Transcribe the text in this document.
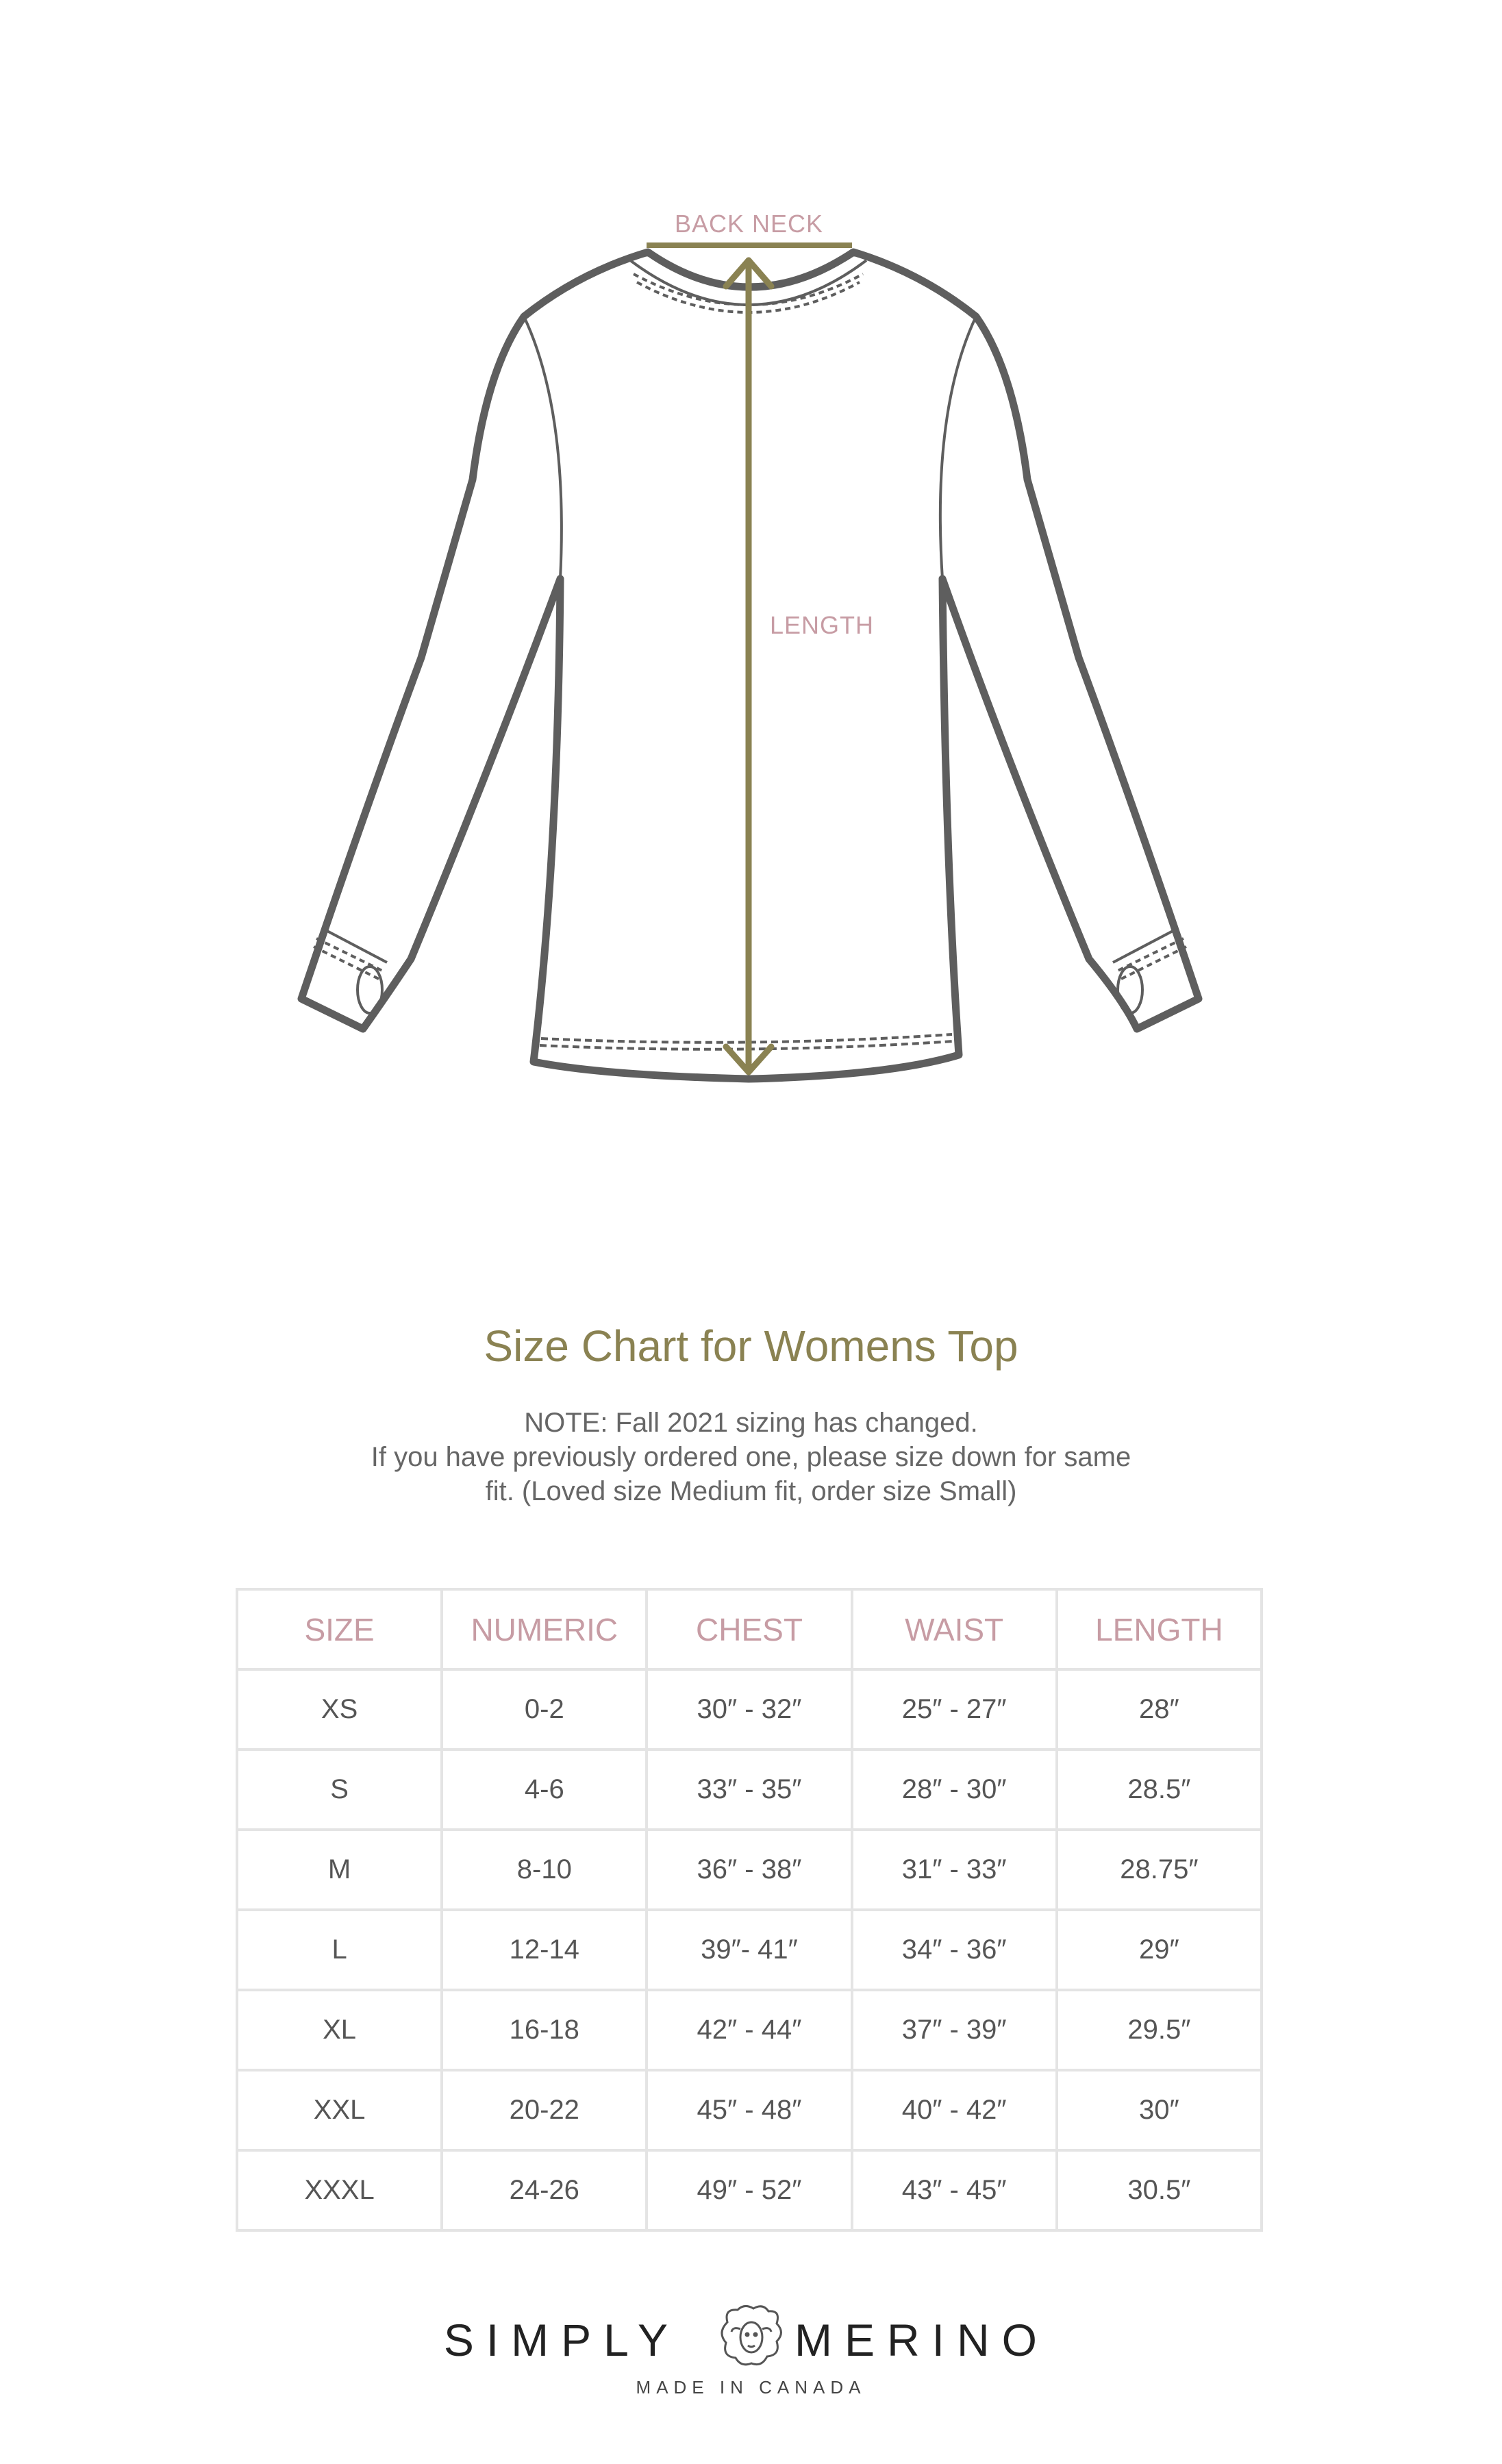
BACK NECK
LENGTH
Size Chart for Womens Top
NOTE: Fall 2021 sizing has changed.
If you have previously ordered one, please size down for same
fit. (Loved size Medium fit, order size Small)
SIZE	NUMERIC	CHEST	WAIST	LENGTH
XS	0-2	30″ - 32″	25″ - 27″	28″
S	4-6	33″ - 35″	28″ - 30″	28.5″
M	8-10	36″ - 38″	31″ - 33″	28.75″
L	12-14	39″- 41″	34″ - 36″	29″
XL	16-18	42″ - 44″	37″ - 39″	29.5″
XXL	20-22	45″ - 48″	40″ - 42″	30″
XXXL	24-26	49″ - 52″	43″ - 45″	30.5″
SIMPLY	MERINO
MADE IN CANADA
